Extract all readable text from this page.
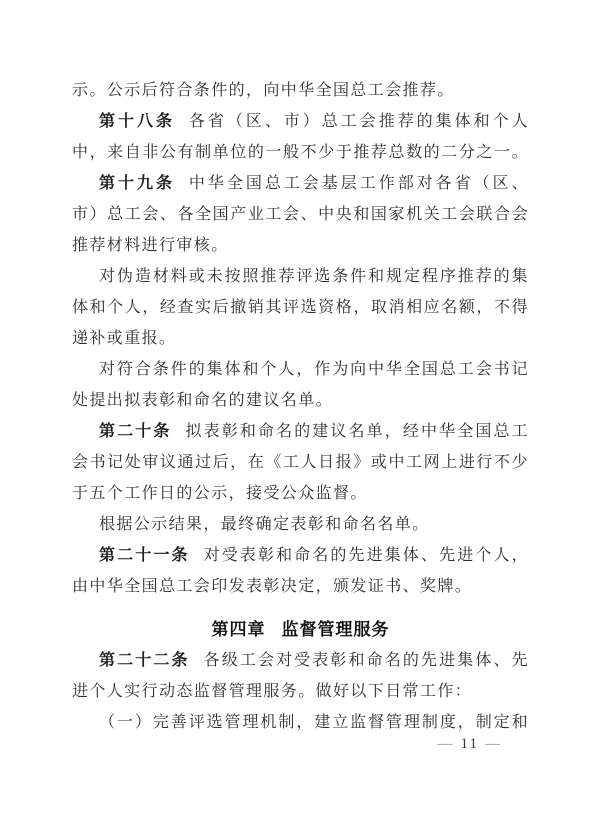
示。公示后符合条件的，向中华全国总工会推荐。

第十八条 各省（区、市）总工会推荐的集体和个人

中，来自非公有制单位的一般不少于推荐总数的二分之一。

第十九条 中华全国总工会基层工作部对各省（区、

市）总工会、各全国产业工会、中央和国家机关工会联合会

推荐材料进行审核。

对伪造材料或未按照推荐评选条件和规定程序推荐的集

体和个人，经查实后撤销其评选资格，取消相应名额，不得

递补或重报。

对符合条件的集体和个人，作为向中华全国总工会书记

处提出拟表彰和命名的建议名单。

第二十条 拟表彰和命名的建议名单，经中华全国总工

会书记处审议通过后，在《工人日报》或中工网上进行不少

于五个工作日的公示，接受公众监督。

根据公示结果，最终确定表彰和命名名单。

第二十一条 对受表彰和命名的先进集体、先进个人，

由中华全国总工会印发表彰决定，颁发证书、奖牌。

第四章 监督管理服务

第二十二条 各级工会对受表彰和命名的先进集体、先

进个人实行动态监督管理服务。做好以下日常工作：

（一）完善评选管理机制，建立监督管理制度，制定和

— 11 —
